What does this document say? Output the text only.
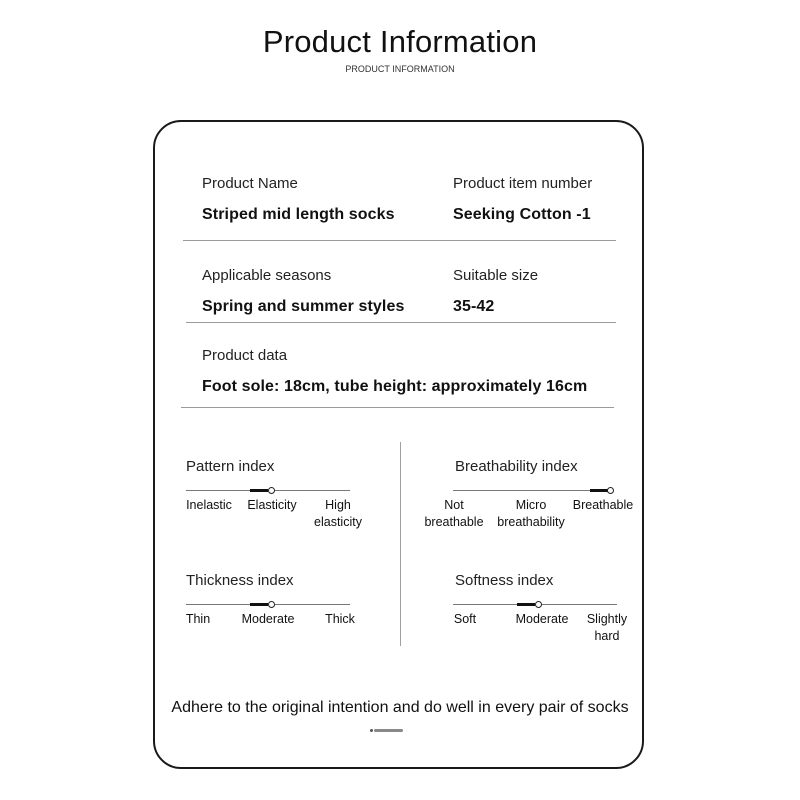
Product Information
PRODUCT INFORMATION
Product Name
Striped mid length socks
Product item number
Seeking Cotton -1
Applicable seasons
Spring and summer styles
Suitable size
35-42
Product data
Foot sole: 18cm, tube height: approximately 16cm
Pattern index
Inelastic	Elasticity	High
elasticity
Breathability index
Not
breathable
Micro
breathability
Breathable
Thickness index
Thin	Moderate	Thick
Softness index
Soft	Moderate	Slightly
hard
Adhere to the original intention and do well in every pair of socks
